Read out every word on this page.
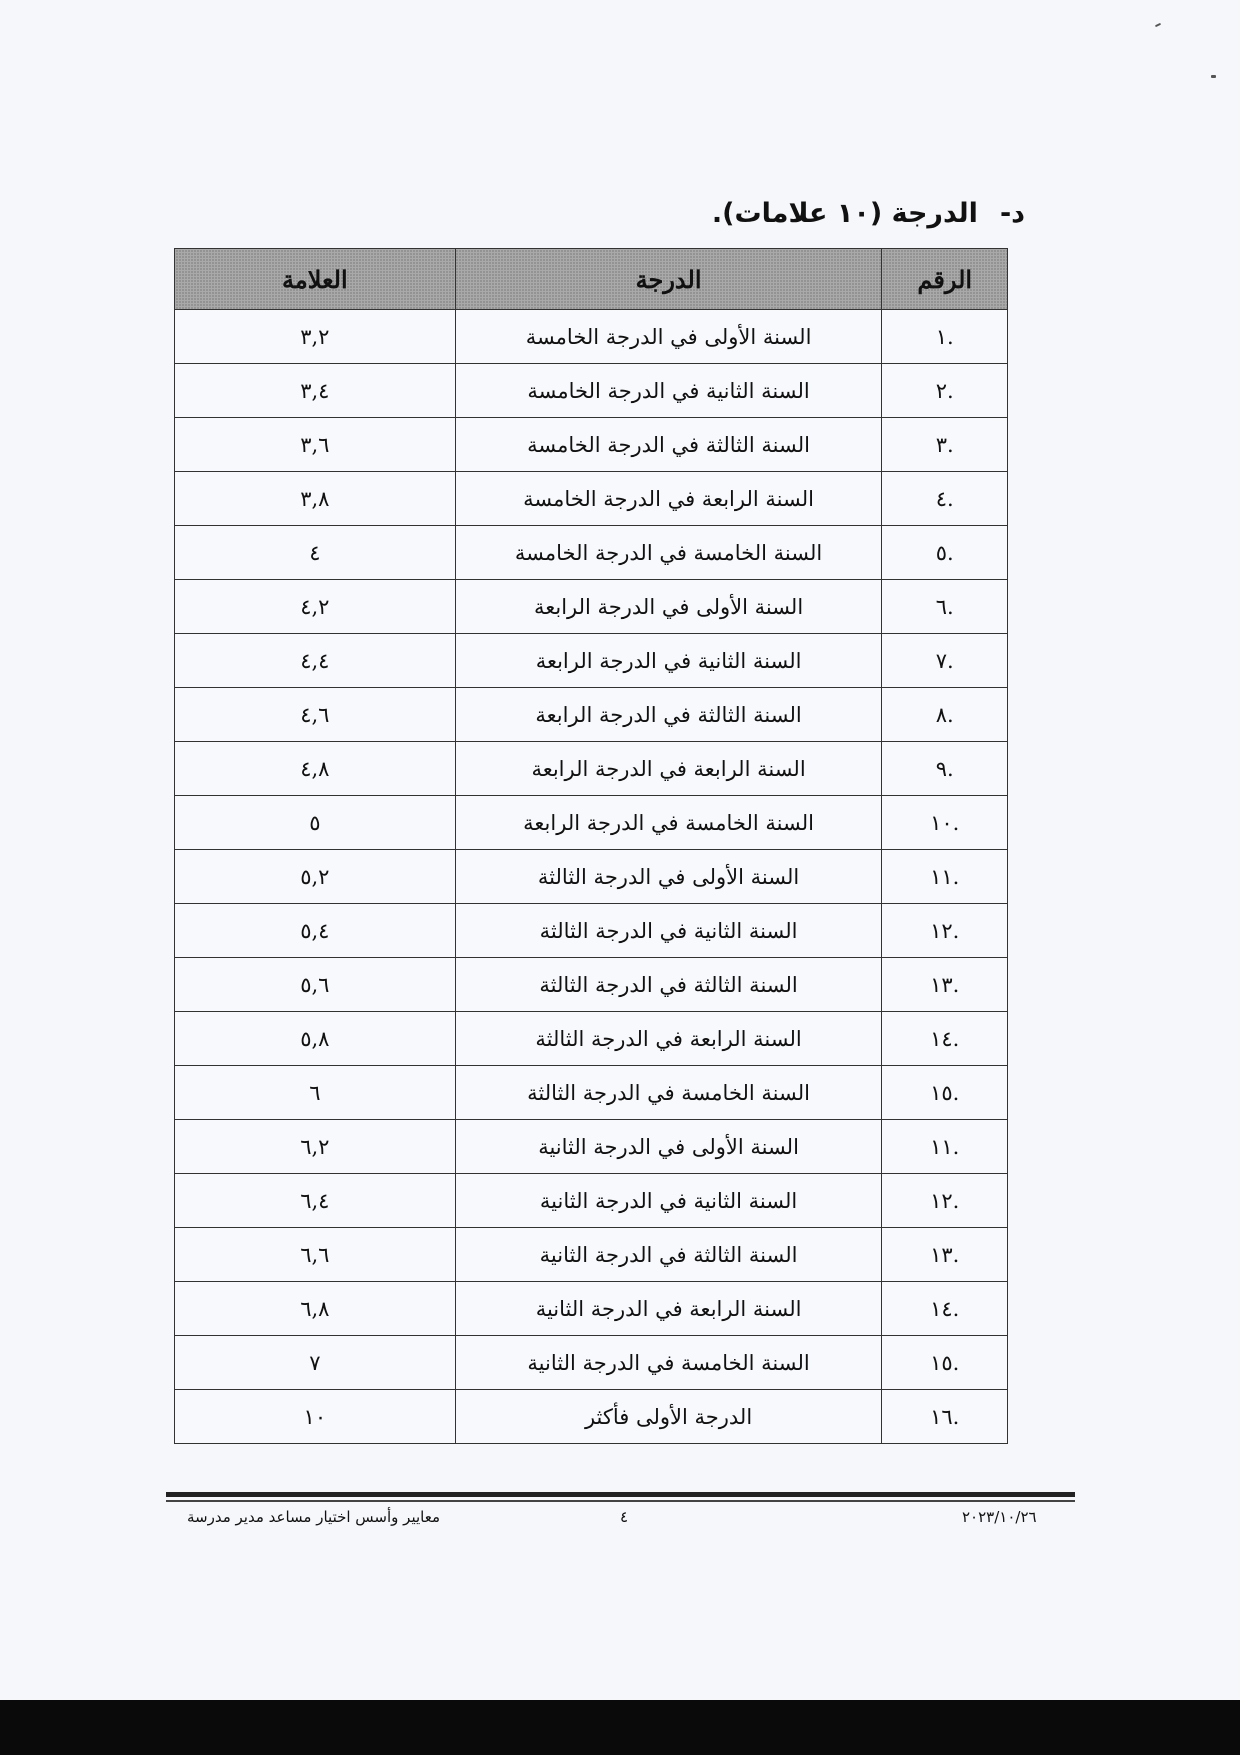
د-الدرجة (١٠ علامات).
الرقم	الدرجة	العلامة
.١	السنة الأولى في الدرجة الخامسة	٣,٢
.٢	السنة الثانية في الدرجة الخامسة	٣,٤
.٣	السنة الثالثة في الدرجة الخامسة	٣,٦
.٤	السنة الرابعة في الدرجة الخامسة	٣,٨
.٥	السنة الخامسة في الدرجة الخامسة	٤
.٦	السنة الأولى في الدرجة الرابعة	٤,٢
.٧	السنة الثانية في الدرجة الرابعة	٤,٤
.٨	السنة الثالثة في الدرجة الرابعة	٤,٦
.٩	السنة الرابعة في الدرجة الرابعة	٤,٨
.١٠	السنة الخامسة في الدرجة الرابعة	٥
.١١	السنة الأولى في الدرجة الثالثة	٥,٢
.١٢	السنة الثانية في الدرجة الثالثة	٥,٤
.١٣	السنة الثالثة في الدرجة الثالثة	٥,٦
.١٤	السنة الرابعة في الدرجة الثالثة	٥,٨
.١٥	السنة الخامسة في الدرجة الثالثة	٦
.١١	السنة الأولى في الدرجة الثانية	٦,٢
.١٢	السنة الثانية في الدرجة الثانية	٦,٤
.١٣	السنة الثالثة في الدرجة الثانية	٦,٦
.١٤	السنة الرابعة في الدرجة الثانية	٦,٨
.١٥	السنة الخامسة في الدرجة الثانية	٧
.١٦	الدرجة الأولى فأكثر	١٠
معايير وأسس اختيار مساعد مدير مدرسة	٤	٢٠٢٣/١٠/٢٦
